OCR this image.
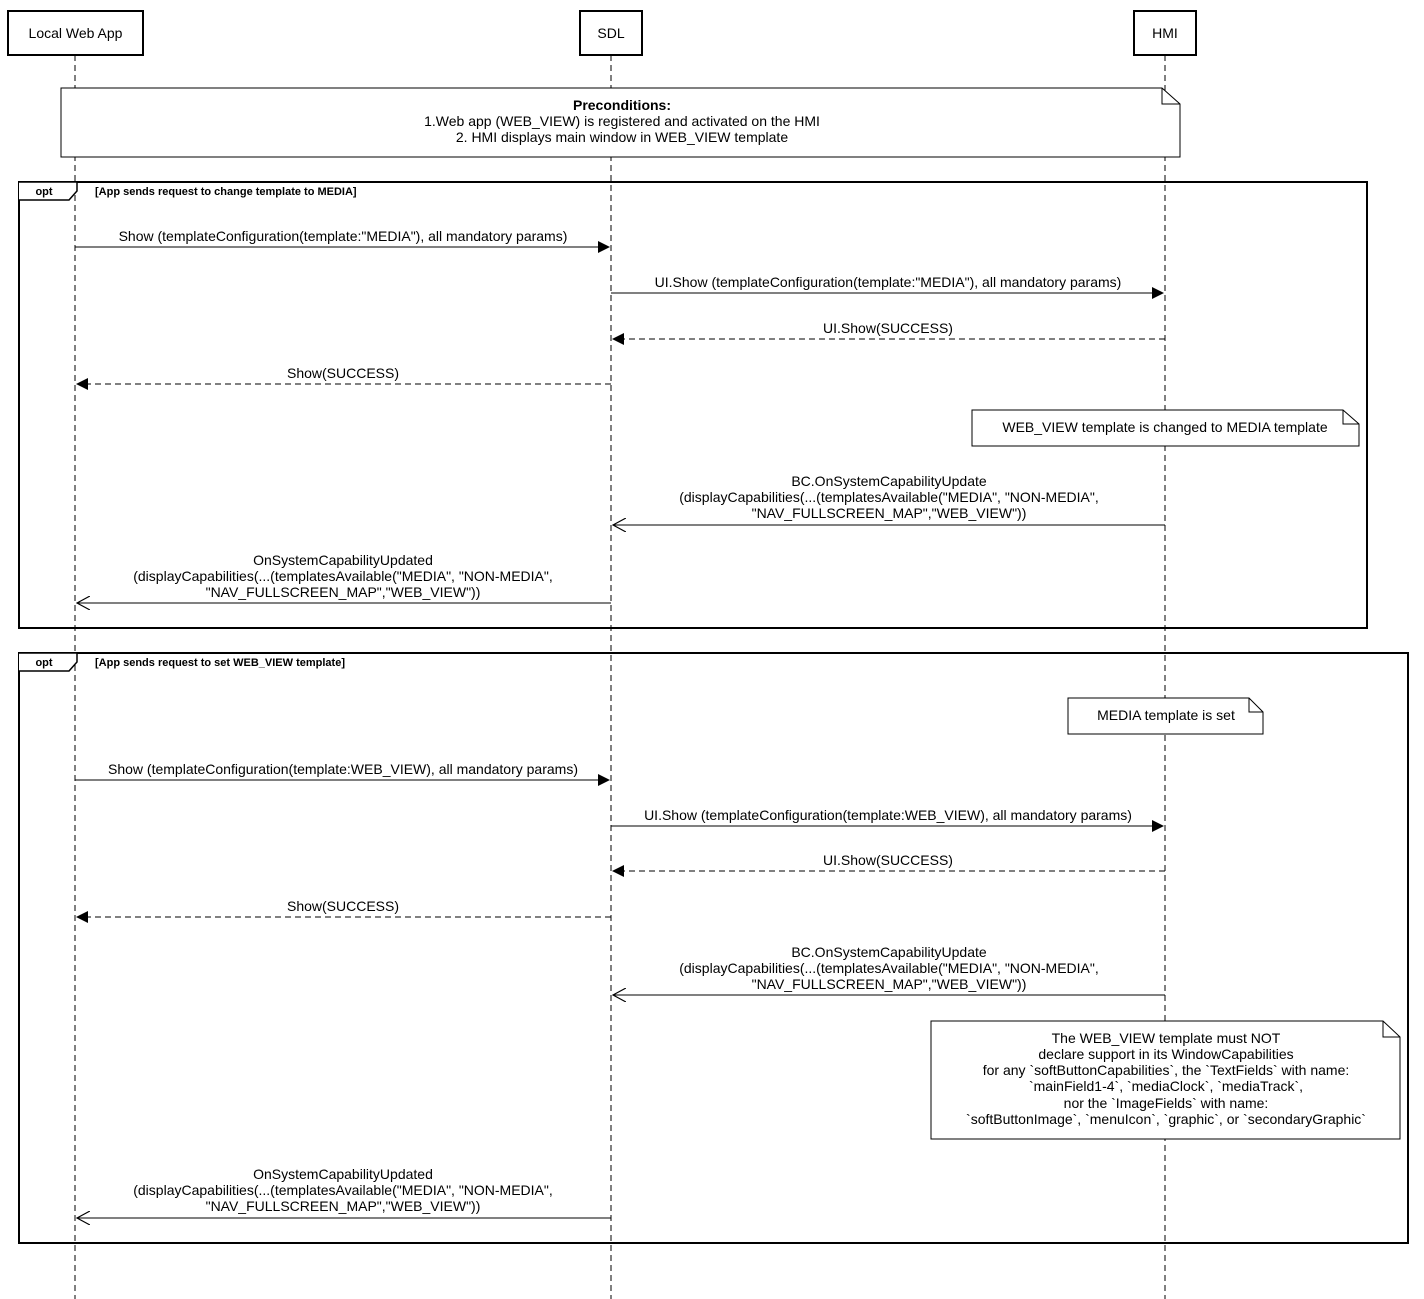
Local Web App	SDL	HMI
Preconditions:
1.Web app (WEB_VIEW) is registered and activated on the HMI
2. HMI displays main window in WEB_VIEW template
opt	[App sends request to change template to MEDIA]
Show (templateConfiguration(template:"MEDIA"), all mandatory params)
UI.Show (templateConfiguration(template:"MEDIA"), all mandatory params)
UI.Show(SUCCESS)
Show(SUCCESS)
WEB_VIEW template is changed to MEDIA template
BC.OnSystemCapabilityUpdate
(displayCapabilities(...(templatesAvailable("MEDIA", "NON-MEDIA",
"NAV_FULLSCREEN_MAP","WEB_VIEW"))
OnSystemCapabilityUpdated
(displayCapabilities(...(templatesAvailable("MEDIA", "NON-MEDIA",
"NAV_FULLSCREEN_MAP","WEB_VIEW"))
opt	[App sends request to set WEB_VIEW template]
MEDIA template is set
Show (templateConfiguration(template:WEB_VIEW), all mandatory params)
UI.Show (templateConfiguration(template:WEB_VIEW), all mandatory params)
UI.Show(SUCCESS)
Show(SUCCESS)
BC.OnSystemCapabilityUpdate
(displayCapabilities(...(templatesAvailable("MEDIA", "NON-MEDIA",
"NAV_FULLSCREEN_MAP","WEB_VIEW"))
The WEB_VIEW template must NOT
declare support in its WindowCapabilities
for any `softButtonCapabilities`, the `TextFields` with name:
`mainField1-4`, `mediaClock`, `mediaTrack`,
nor the `ImageFields` with name:
`softButtonImage`, `menuIcon`, `graphic`, or `secondaryGraphic`
OnSystemCapabilityUpdated
(displayCapabilities(...(templatesAvailable("MEDIA", "NON-MEDIA",
"NAV_FULLSCREEN_MAP","WEB_VIEW"))
